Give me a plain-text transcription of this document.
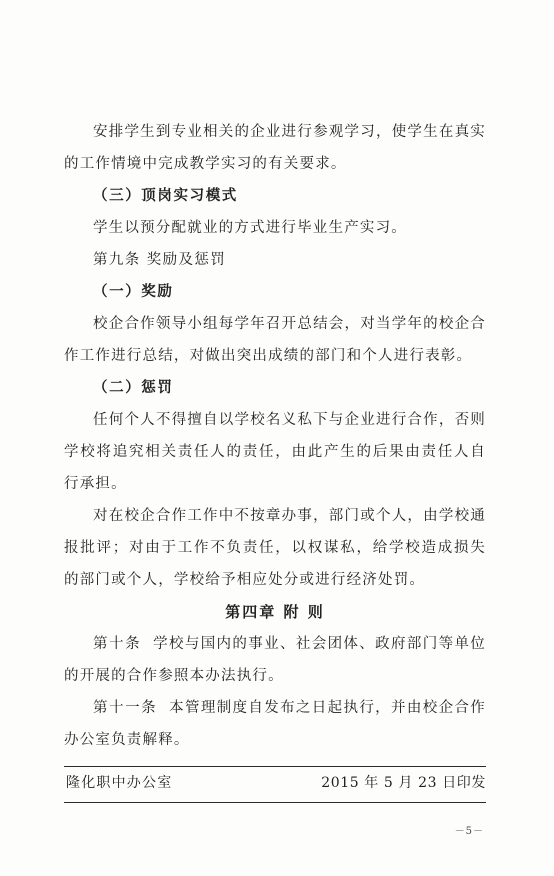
安排学生到专业相关的企业进行参观学习，使学生在真实的工作情境中完成教学实习的有关要求。

（三）顶岗实习模式

学生以预分配就业的方式进行毕业生产实习。

第九条 奖励及惩罚

（一）奖励

校企合作领导小组每学年召开总结会，对当学年的校企合作工作进行总结，对做出突出成绩的部门和个人进行表彰。

（二）惩罚

任何个人不得擅自以学校名义私下与企业进行合作，否则学校将追究相关责任人的责任，由此产生的后果由责任人自行承担。

对在校企合作工作中不按章办事，部门或个人，由学校通报批评；对由于工作不负责任，以权谋私，给学校造成损失的部门或个人，学校给予相应处分或进行经济处罚。

第四章 附 则

第十条 学校与国内的事业、社会团体、政府部门等单位的开展的合作参照本办法执行。

第十一条 本管理制度自发布之日起执行，并由校企合作办公室负责解释。

隆化职中办公室	2015 年 5 月 23 日印发
－5－
